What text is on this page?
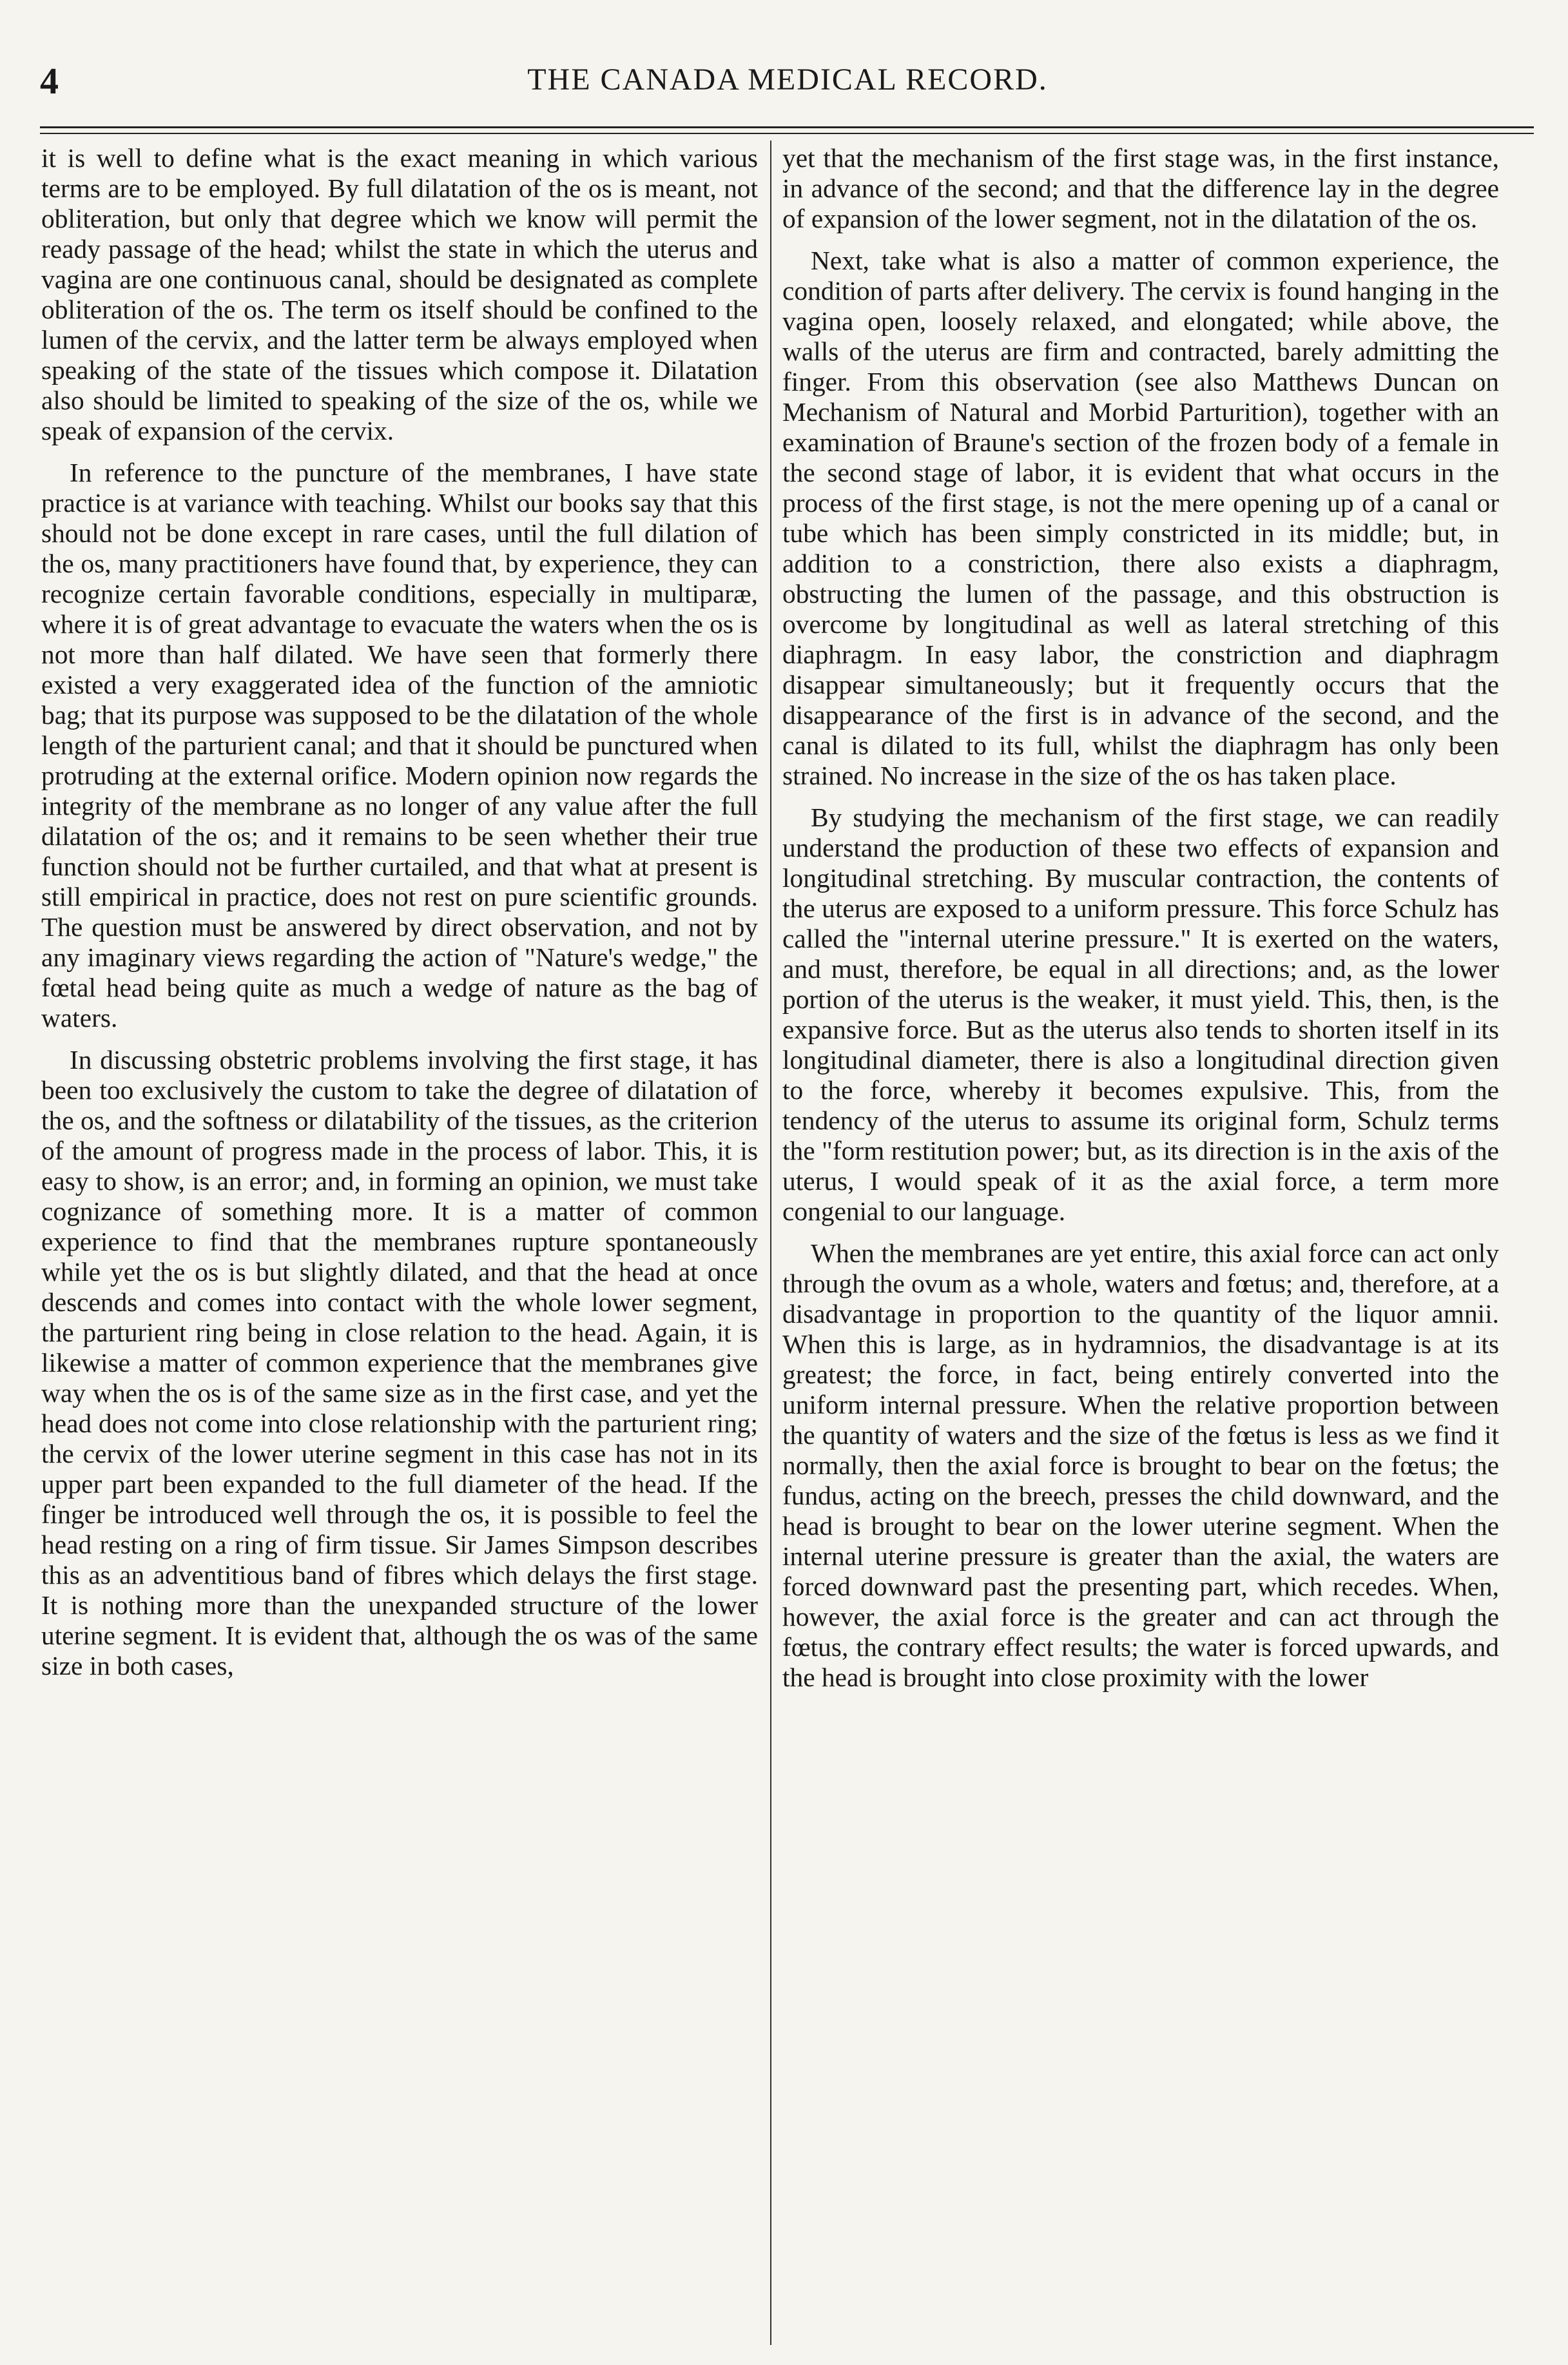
4	THE CANADA MEDICAL RECORD.

it is well to define what is the exact meaning in which various terms are to be employed. By full dilatation of the os is meant, not obliteration, but only that degree which we know will permit the ready passage of the head; whilst the state in which the uterus and vagina are one continuous canal, should be designated as complete obliteration of the os. The term os itself should be confined to the lumen of the cervix, and the latter term be always employed when speaking of the state of the tissues which compose it. Dilatation also should be limited to speaking of the size of the os, while we speak of expansion of the cervix.

In reference to the puncture of the membranes, I have state practice is at variance with teaching. Whilst our books say that this should not be done except in rare cases, until the full dilation of the os, many practitioners have found that, by experience, they can recognize certain favorable conditions, especially in multiparæ, where it is of great advantage to evacuate the waters when the os is not more than half dilated. We have seen that formerly there existed a very exaggerated idea of the function of the amniotic bag; that its purpose was supposed to be the dilatation of the whole length of the parturient canal; and that it should be punctured when protruding at the external orifice. Modern opinion now regards the integrity of the membrane as no longer of any value after the full dilatation of the os; and it remains to be seen whether their true function should not be further curtailed, and that what at present is still empirical in practice, does not rest on pure scientific grounds. The question must be answered by direct observation, and not by any imaginary views regarding the action of "Nature's wedge," the fœtal head being quite as much a wedge of nature as the bag of waters.

In discussing obstetric problems involving the first stage, it has been too exclusively the custom to take the degree of dilatation of the os, and the softness or dilatability of the tissues, as the criterion of the amount of progress made in the process of labor. This, it is easy to show, is an error; and, in forming an opinion, we must take cognizance of something more. It is a matter of common experience to find that the membranes rupture spontaneously while yet the os is but slightly dilated, and that the head at once descends and comes into contact with the whole lower segment, the parturient ring being in close relation to the head. Again, it is likewise a matter of common experience that the membranes give way when the os is of the same size as in the first case, and yet the head does not come into close relationship with the parturient ring; the cervix of the lower uterine segment in this case has not in its upper part been expanded to the full diameter of the head. If the finger be introduced well through the os, it is possible to feel the head resting on a ring of firm tissue. Sir James Simpson describes this as an adventitious band of fibres which delays the first stage. It is nothing more than the unexpanded structure of the lower uterine segment. It is evident that, although the os was of the same size in both cases,

yet that the mechanism of the first stage was, in the first instance, in advance of the second; and that the difference lay in the degree of expansion of the lower segment, not in the dilatation of the os.

Next, take what is also a matter of common experience, the condition of parts after delivery. The cervix is found hanging in the vagina open, loosely relaxed, and elongated; while above, the walls of the uterus are firm and contracted, barely admitting the finger. From this observation (see also Matthews Duncan on Mechanism of Natural and Morbid Parturition), together with an examination of Braune's section of the frozen body of a female in the second stage of labor, it is evident that what occurs in the process of the first stage, is not the mere opening up of a canal or tube which has been simply constricted in its middle; but, in addition to a constriction, there also exists a diaphragm, obstructing the lumen of the passage, and this obstruction is overcome by longitudinal as well as lateral stretching of this diaphragm. In easy labor, the constriction and diaphragm disappear simultaneously; but it frequently occurs that the disappearance of the first is in advance of the second, and the canal is dilated to its full, whilst the diaphragm has only been strained. No increase in the size of the os has taken place.

By studying the mechanism of the first stage, we can readily understand the production of these two effects of expansion and longitudinal stretching. By muscular contraction, the contents of the uterus are exposed to a uniform pressure. This force Schulz has called the "internal uterine pressure." It is exerted on the waters, and must, therefore, be equal in all directions; and, as the lower portion of the uterus is the weaker, it must yield. This, then, is the expansive force. But as the uterus also tends to shorten itself in its longitudinal diameter, there is also a longitudinal direction given to the force, whereby it becomes expulsive. This, from the tendency of the uterus to assume its original form, Schulz terms the "form restitution power; but, as its direction is in the axis of the uterus, I would speak of it as the axial force, a term more congenial to our language.

When the membranes are yet entire, this axial force can act only through the ovum as a whole, waters and fœtus; and, therefore, at a disadvantage in proportion to the quantity of the liquor amnii. When this is large, as in hydramnios, the disadvantage is at its greatest; the force, in fact, being entirely converted into the uniform internal pressure. When the relative proportion between the quantity of waters and the size of the fœtus is less as we find it normally, then the axial force is brought to bear on the fœtus; the fundus, acting on the breech, presses the child downward, and the head is brought to bear on the lower uterine segment. When the internal uterine pressure is greater than the axial, the waters are forced downward past the presenting part, which recedes. When, however, the axial force is the greater and can act through the fœtus, the contrary effect results; the water is forced upwards, and the head is brought into close proximity with the lower
